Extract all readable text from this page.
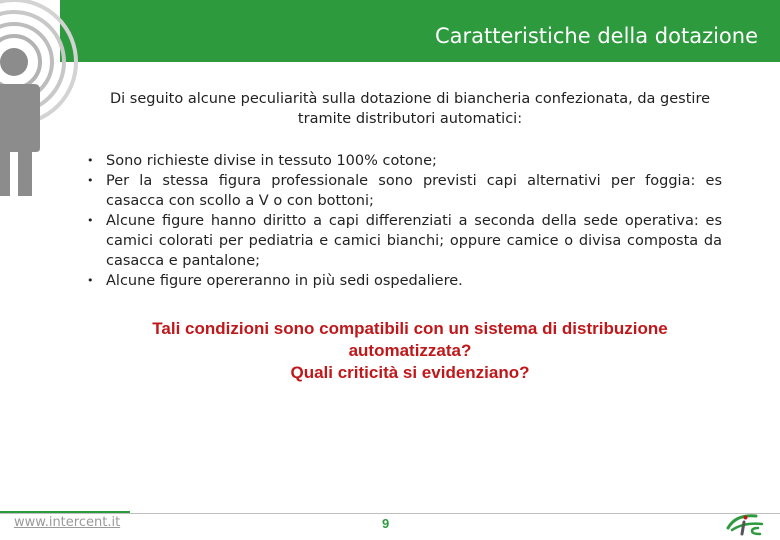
Caratteristiche della dotazione

Di seguito alcune peculiarità sulla dotazione di biancheria confezionata, da gestire tramite distributori automatici:

• Sono richieste divise in tessuto 100% cotone;
• Per la stessa figura professionale sono previsti capi alternativi per foggia: es casacca con scollo a V o con bottoni;
• Alcune figure hanno diritto a capi differenziati a seconda della sede operativa: es camici colorati per pediatria e camici bianchi; oppure camice o divisa composta da casacca e pantalone;
• Alcune figure opereranno in più sedi ospedaliere.

Tali condizioni sono compatibili con un sistema di distribuzione
automatizzata?
Quali criticità si evidenziano?

www.intercent.it	9
